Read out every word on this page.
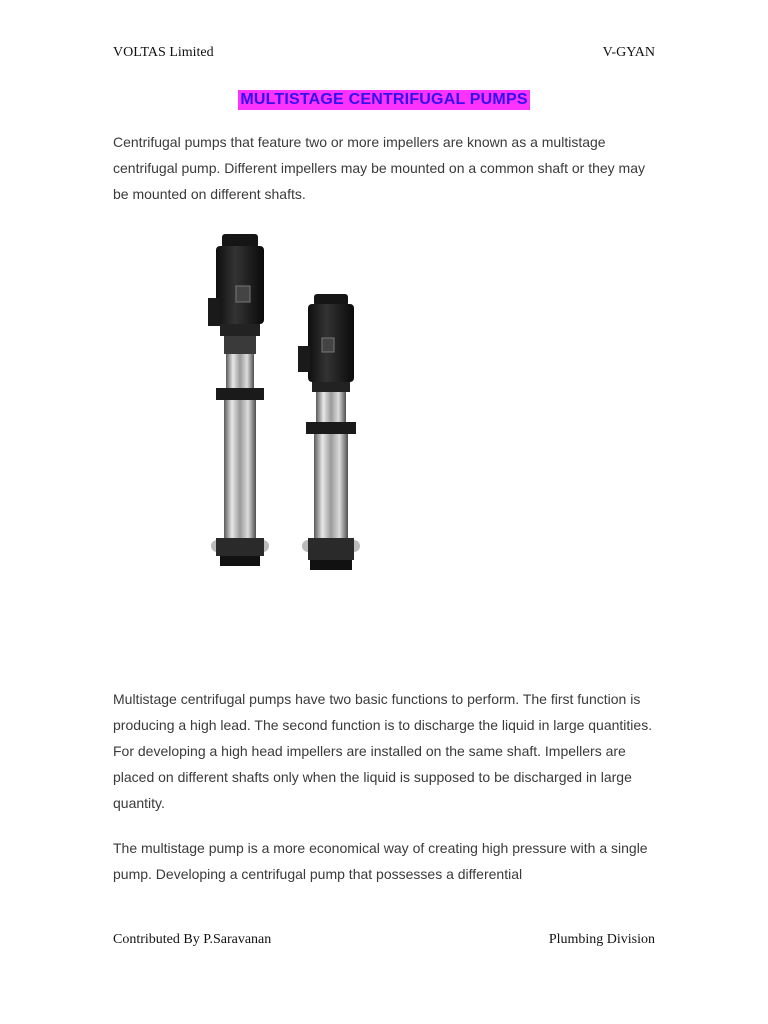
VOLTAS Limited	V-GYAN
MULTISTAGE CENTRIFUGAL PUMPS

Centrifugal pumps that feature two or more impellers are known as a multistage centrifugal pump. Different impellers may be mounted on a common shaft or they may be mounted on different shafts.

Multistage centrifugal pumps have two basic functions to perform. The first function is producing a high lead. The second function is to discharge the liquid in large quantities. For developing a high head impellers are installed on the same shaft. Impellers are placed on different shafts only when the liquid is supposed to be discharged in large quantity.

The multistage pump is a more economical way of creating high pressure with a single pump. Developing a centrifugal pump that possesses a differential

Contributed By P.Saravanan	Plumbing Division
